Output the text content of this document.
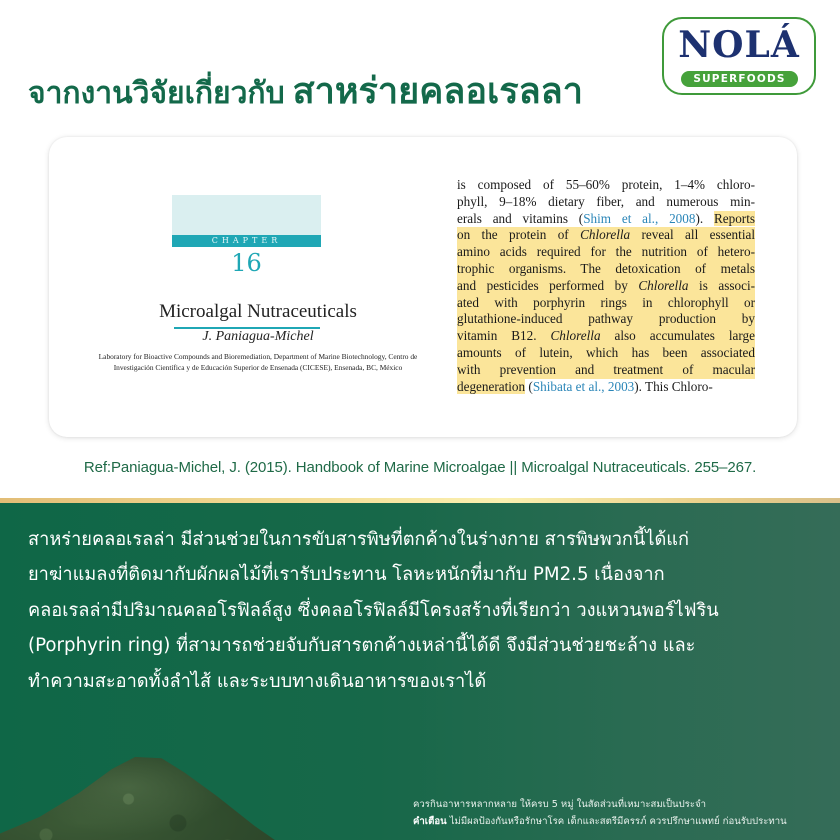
NOLÁ
SUPERFOODS
จากงานวิจัยเกี่ยวกับ สาหร่ายคลอเรลลา
CHAPTER
16
Microalgal Nutraceuticals
J. Paniagua-Michel
Laboratory for Bioactive Compounds and Bioremediation, Department of Marine Biotechnology, Centro de
Investigación Científica y de Educación Superior de Ensenada (CICESE), Ensenada, BC, México
is composed of 55–60% protein, 1–4% chloro-
phyll, 9–18% dietary fiber, and numerous min-
erals and vitamins (Shim et al., 2008). Reports
on the protein of Chlorella reveal all essential
amino acids required for the nutrition of hetero-
trophic organisms. The detoxication of metals
and pesticides performed by Chlorella is associ-
ated with porphyrin rings in chlorophyll or
glutathione-induced pathway production by
vitamin B12. Chlorella also accumulates large
amounts of lutein, which has been associated
with prevention and treatment of macular
degeneration (Shibata et al., 2003). This Chloro-
Ref:Paniagua-Michel, J. (2015). Handbook of Marine Microalgae || Microalgal Nutraceuticals. 255–267.
สาหร่ายคลอเรลล่า มีส่วนช่วยในการขับสารพิษที่ตกค้างในร่างกาย สารพิษพวกนี้ได้แก่
ยาฆ่าแมลงที่ติดมากับผักผลไม้ที่เรารับประทาน โลหะหนักที่มากับ PM2.5 เนื่องจาก
คลอเรลล่ามีปริมาณคลอโรฟิลล์สูง ซึ่งคลอโรฟิลล์มีโครงสร้างที่เรียกว่า วงแหวนพอร์ไฟริน
(Porphyrin ring) ที่สามารถช่วยจับกับสารตกค้างเหล่านี้ได้ดี จึงมีส่วนช่วยชะล้าง และ
ทำความสะอาดทั้งลำไส้ และระบบทางเดินอาหารของเราได้
ควรกินอาหารหลากหลาย ให้ครบ 5 หมู่ ในสัดส่วนที่เหมาะสมเป็นประจำ
คำเตือน ไม่มีผลป้องกันหรือรักษาโรค เด็กและสตรีมีครรภ์ ควรปรึกษาแพทย์ ก่อนรับประทาน
